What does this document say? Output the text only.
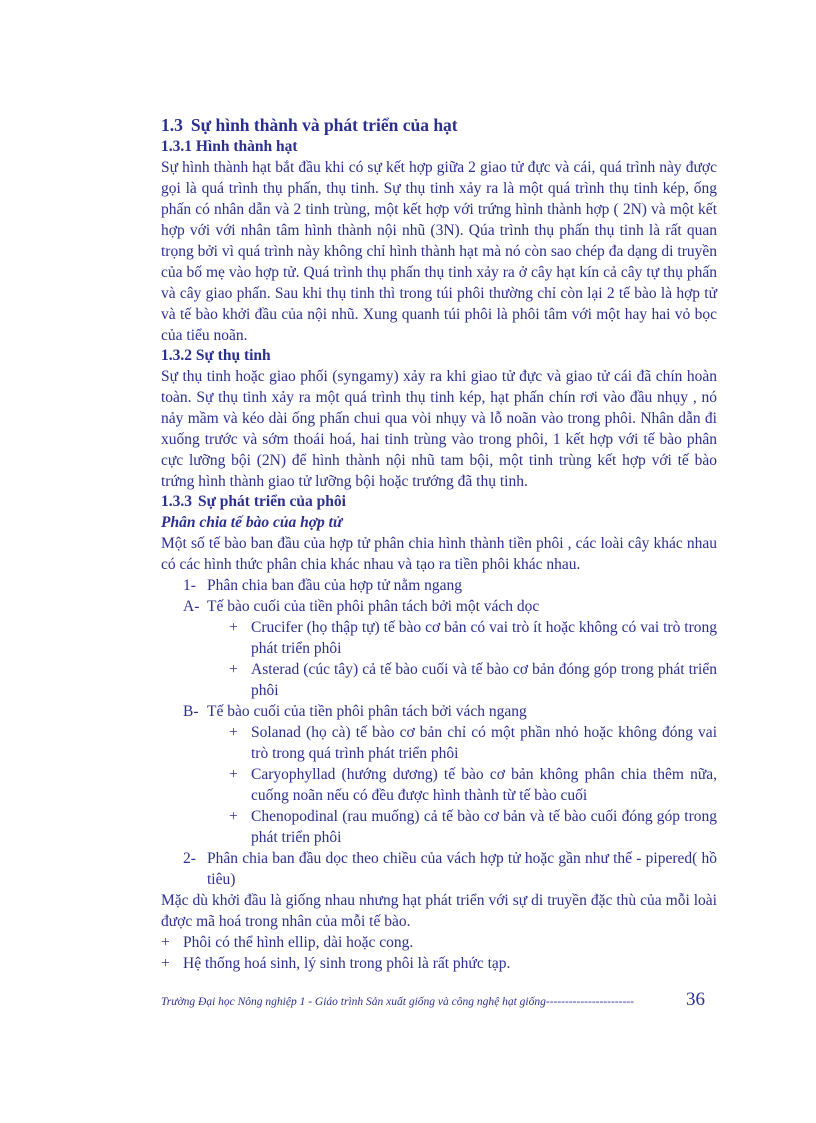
1.3 Sự hình thành và phát triển của hạt
1.3.1 Hình thành hạt

Sự hình thành hạt bắt đầu khi có sự kết hợp giữa 2 giao tử đực và cái, quá trình này được gọi là quá trình thụ phấn, thụ tinh. Sự thụ tinh xảy ra là một quá trình thụ tinh kép, ống phấn có nhân dẫn và 2 tinh trùng, một kết hợp với trứng hình thành hợp ( 2N) và một kết hợp với với nhân tâm hình thành nội nhũ (3N). Qúa trình thụ phấn thụ tinh là rất quan trọng bởi vì quá trình này không chỉ hình thành hạt mà nó còn sao chép đa dạng di truyền của bố mẹ vào hợp tử. Quá trình thụ phấn thụ tinh xảy ra ở cây hạt kín cả cây tự thụ phấn và cây giao phấn. Sau khi thụ tinh thì trong túi phôi thường chỉ còn lại 2 tế bào là hợp tử và tế bào khởi đầu của nội nhũ. Xung quanh túi phôi là phôi tâm với một hay hai vỏ bọc của tiểu noãn.

1.3.2 Sự thụ tinh

Sự thụ tinh hoặc giao phối (syngamy) xảy ra khi giao tử đực và giao tử cái đã chín hoàn toàn. Sự thụ tinh xảy ra một quá trình thụ tinh kép, hạt phấn chín rơi vào đầu nhụy , nó nảy mầm và kéo dài ống phấn chui qua vòi nhụy và lỗ noãn vào trong phôi. Nhân dẫn đi xuống trước và sớm thoái hoá, hai tinh trùng vào trong phôi, 1 kết hợp với tế bào phân cực lưỡng bội (2N) để hình thành nội nhũ tam bội, một tinh trùng kết hợp với tế bào trứng hình thành giao tử lưỡng bội hoặc trướng đã thụ tinh.

1.3.3 Sự phát triển của phôi
Phân chia tế bào của hợp tử

Một số tế bào ban đầu của hợp tử phân chia hình thành tiền phôi , các loài cây khác nhau có các hình thức phân chia khác nhau và tạo ra tiền phôi khác nhau.

1- Phân chia ban đầu của hợp tử nằm ngang
A- Tế bào cuối của tiền phôi phân tách bởi một vách dọc
+ Crucifer (họ thập tự) tế bào cơ bản có vai trò ít hoặc không có vai trò trong phát triển phôi
+ Asterad (cúc tây) cả tế bào cuối và tế bào cơ bản đóng góp trong phát triển phôi
B- Tế bào cuối của tiền phôi phân tách bởi vách ngang
+ Solanad (họ cà) tế bào cơ bản chỉ có một phần nhỏ hoặc không đóng vai trò trong quá trình phát triển phôi
+ Caryophyllad (hướng dương) tế bào cơ bản không phân chia thêm nữa, cuống noãn nếu có đều được hình thành từ tế bào cuối
+ Chenopodinal (rau muống) cả tế bào cơ bản và tế bào cuối đóng góp trong phát triển phôi
2- Phân chia ban đầu dọc theo chiều của vách hợp tử hoặc gần như thế - pipered( hồ tiêu)

Mặc dù khởi đầu là giống nhau nhưng hạt phát triển với sự di truyền đặc thù của mỗi loài được mã hoá trong nhân của mỗi tế bào.

+ Phôi có thể hình ellip, dài hoặc cong.
+ Hệ thống hoá sinh, lý sinh trong phôi là rất phức tạp.
Trường Đại học Nông nghiệp 1 - Giáo trình Sản xuất giống và công nghệ hạt giống-----------------------	36
